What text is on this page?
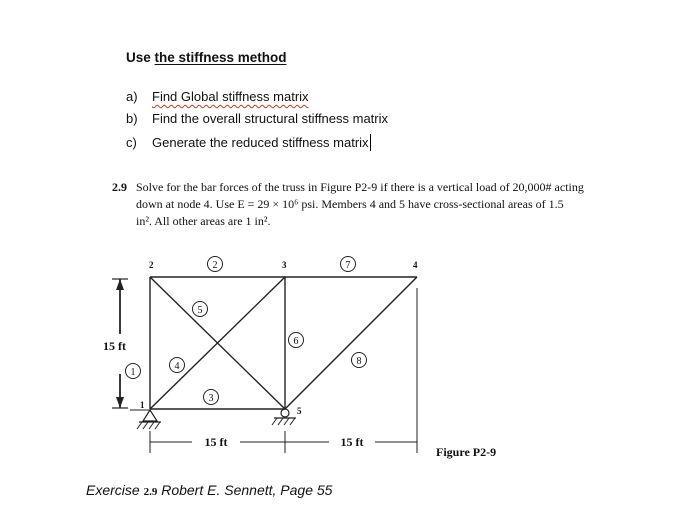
Use the stiffness method
a) Find Global stiffness matrix
b) Find the overall structural stiffness matrix
c) Generate the reduced stiffness matrix
2.9 Solve for the bar forces of the truss in Figure P2-9 if there is a vertical load of 20,000# acting
down at node 4. Use E = 29 × 10⁶ psi. Members 4 and 5 have cross-sectional areas of 1.5
in². All other areas are 1 in².
1
2	3	4
5
1
2
3
4
5
6
7
8
15 ft
15 ft	15 ft
Figure P2-9
Exercise 2.9 Robert E. Sennett, Page 55
